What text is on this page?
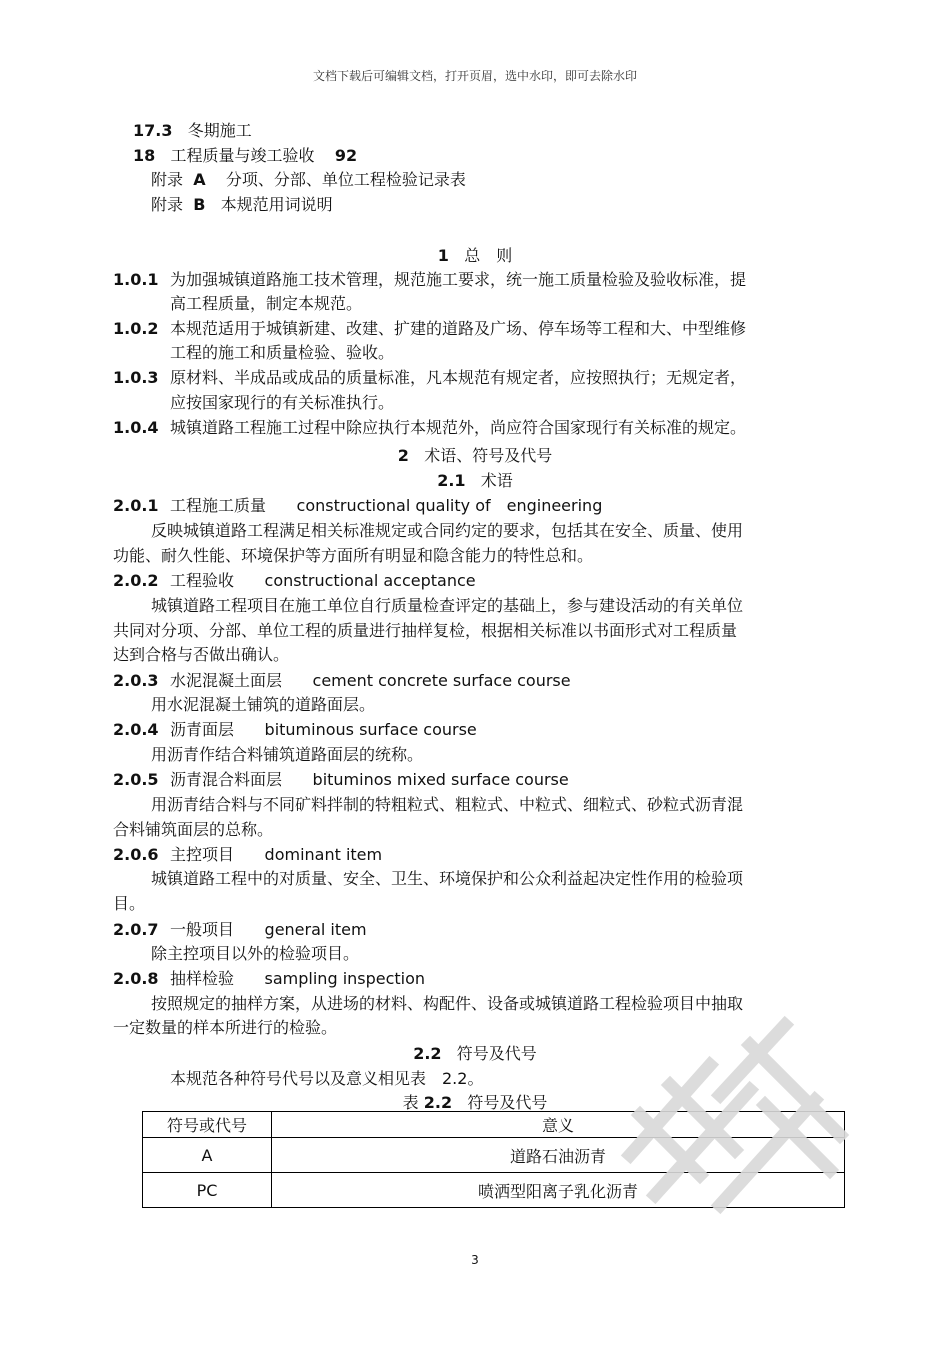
文档下载后可编辑文档，打开页眉，选中水印，即可去除水印
17.3 冬期施工
18 工程质量与竣工验收 92
附录 A 分项、分部、单位工程检验记录表
附录 B 本规范用词说明
1 总　则
1.0.1 为加强城镇道路施工技术管理，规范施工要求，统一施工质量检验及验收标准，提
高工程质量，制定本规范。
1.0.2 本规范适用于城镇新建、改建、扩建的道路及广场、停车场等工程和大、中型维修
工程的施工和质量检验、验收。
1.0.3 原材料、半成品或成品的质量标准，凡本规范有规定者，应按照执行；无规定者，
应按国家现行的有关标准执行。
1.0.4 城镇道路工程施工过程中除应执行本规范外，尚应符合国家现行有关标准的规定。
2 术语、符号及代号
2.1 术语
2.0.1 工程施工质量 constructional quality of　engineering
反映城镇道路工程满足相关标准规定或合同约定的要求，包括其在安全、质量、使用
功能、耐久性能、环境保护等方面所有明显和隐含能力的特性总和。
2.0.2 工程验收 constructional acceptance
城镇道路工程项目在施工单位自行质量检查评定的基础上，参与建设活动的有关单位
共同对分项、分部、单位工程的质量进行抽样复检，根据相关标准以书面形式对工程质量
达到合格与否做出确认。
2.0.3 水泥混凝土面层 cement concrete surface course
用水泥混凝土铺筑的道路面层。
2.0.4 沥青面层 bituminous surface course
用沥青作结合料铺筑道路面层的统称。
2.0.5 沥青混合料面层 bituminos mixed surface course
用沥青结合料与不同矿料拌制的特粗粒式、粗粒式、中粒式、细粒式、砂粒式沥青混
合料铺筑面层的总称。
2.0.6 主控项目 dominant item
城镇道路工程中的对质量、安全、卫生、环境保护和公众利益起决定性作用的检验项
目。
2.0.7 一般项目 general item
除主控项目以外的检验项目。
2.0.8 抽样检验 sampling inspection
按照规定的抽样方案，从进场的材料、构配件、设备或城镇道路工程检验项目中抽取
一定数量的样本所进行的检验。
2.2 符号及代号
本规范各种符号代号以及意义相见表　2.2。
表 2.2 符号及代号
符号或代号	意义
A	道路石油沥青
PC	喷洒型阳离子乳化沥青
3
